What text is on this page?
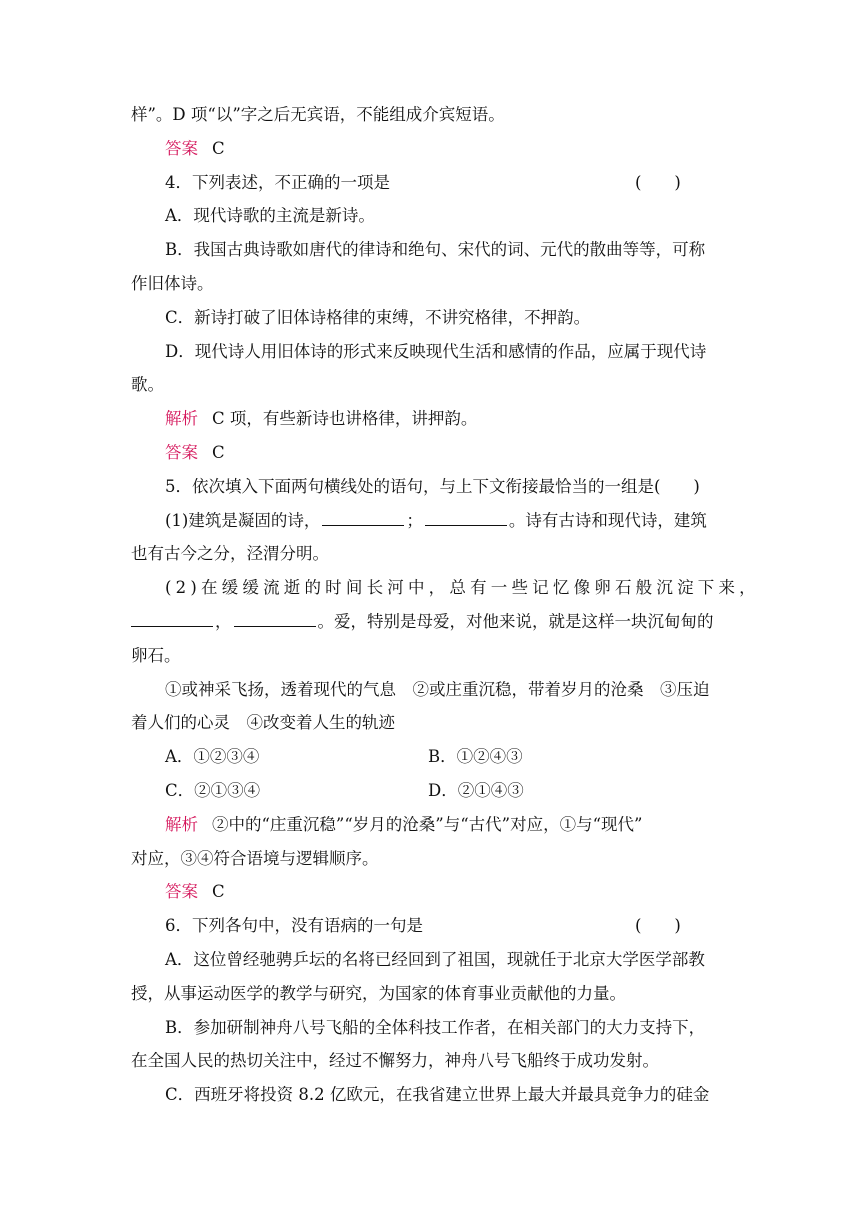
样”。D 项“以”字之后无宾语，不能组成介宾短语。
答案 C
4．下列表述，不正确的一项是	(　　)
A．现代诗歌的主流是新诗。
B．我国古典诗歌如唐代的律诗和绝句、宋代的词、元代的散曲等等，可称
作旧体诗。
C．新诗打破了旧体诗格律的束缚，不讲究格律，不押韵。
D．现代诗人用旧体诗的形式来反映现代生活和感情的作品，应属于现代诗
歌。
解析 C 项，有些新诗也讲格律，讲押韵。
答案 C
5．依次填入下面两句横线处的语句，与上下文衔接最恰当的一组是(　　)
(1)建筑是凝固的诗，	；	。诗有古诗和现代诗，建筑
也有古今之分，泾渭分明。
(2)在缓缓流逝的时间长河中，总有一些记忆像卵石般沉淀下来，
，	。爱，特别是母爱，对他来说，就是这样一块沉甸甸的
卵石。
①或神采飞扬，透着现代的气息　②或庄重沉稳，带着岁月的沧桑　③压迫
着人们的心灵　④改变着人生的轨迹
A．①②③④	B．①②④③
C．②①③④	D．②①④③
解析 ②中的“庄重沉稳”“岁月的沧桑”与“古代”对应，①与“现代”
对应，③④符合语境与逻辑顺序。
答案 C
6．下列各句中，没有语病的一句是	(　　)
A．这位曾经驰骋乒坛的名将已经回到了祖国，现就任于北京大学医学部教
授，从事运动医学的教学与研究，为国家的体育事业贡献他的力量。
B．参加研制神舟八号飞船的全体科技工作者，在相关部门的大力支持下，
在全国人民的热切关注中，经过不懈努力，神舟八号飞船终于成功发射。
C．西班牙将投资 8.2 亿欧元，在我省建立世界上最大并最具竞争力的硅金
